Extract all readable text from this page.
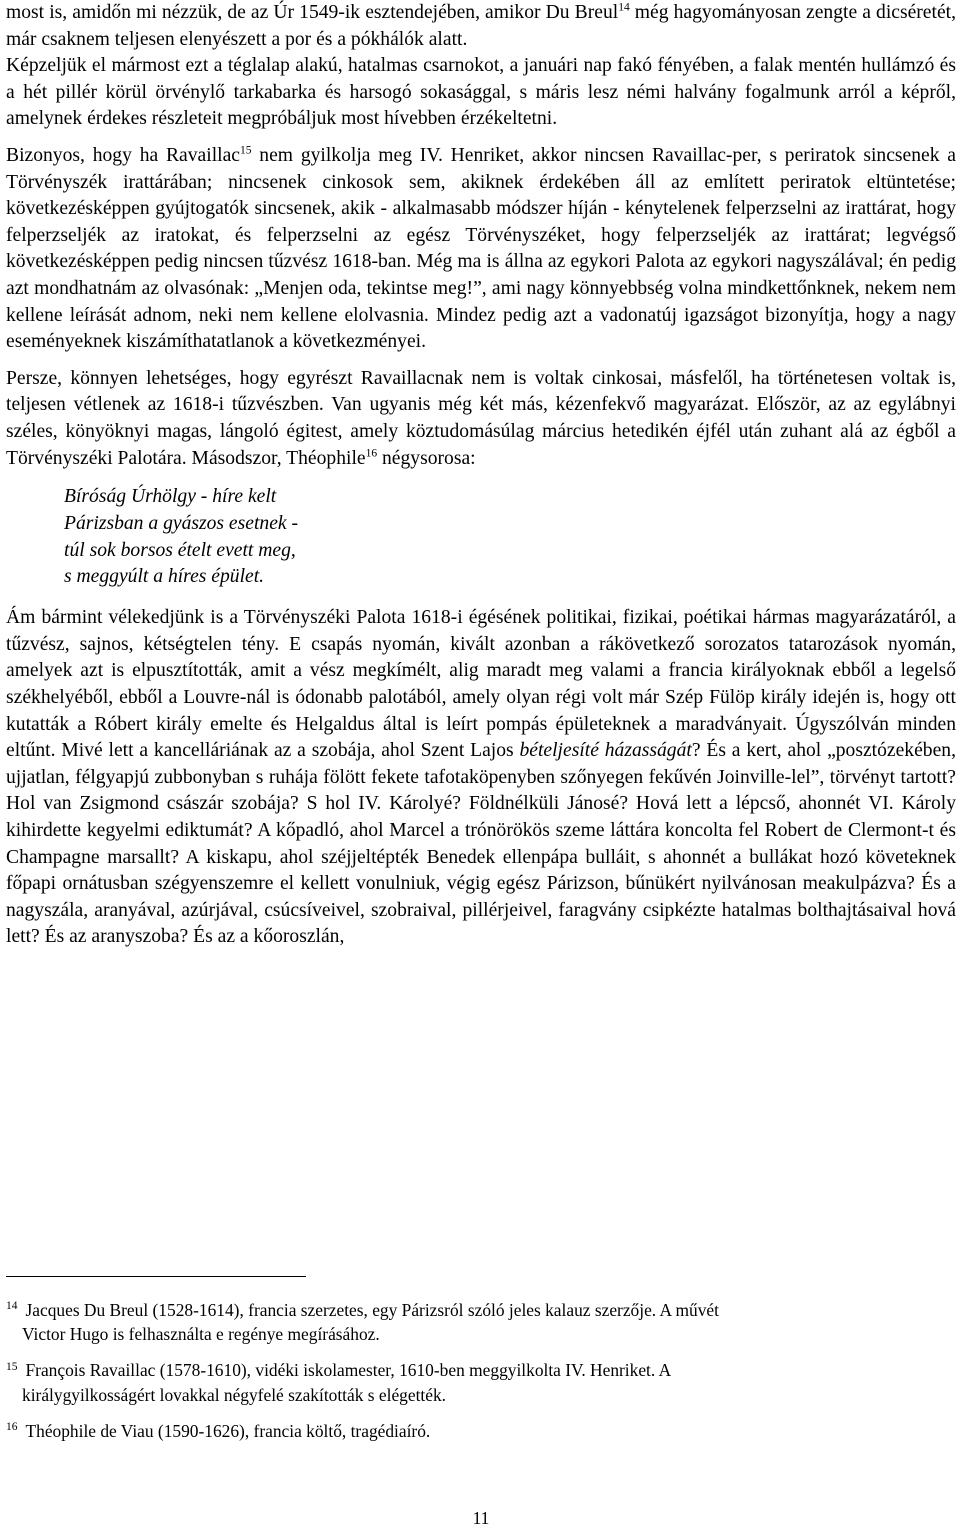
most is, amidőn mi nézzük, de az Úr 1549-ik esztendejében, amikor Du Breul$^{14}$ még hagyományosan zengte a dicséretét, már csaknem teljesen elenyészett a por és a pókhálók alatt.

Képzeljük el mármost ezt a téglalap alakú, hatalmas csarnokot, a januári nap fakó fényében, a falak mentén hullámzó és a hét pillér körül örvénylő tarkabarka és harsogó sokasággal, s máris lesz némi halvány fogalmunk arról a képről, amelynek érdekes részleteit megpróbáljuk most hívebben érzékeltetni.

Bizonyos, hogy ha Ravaillac$^{15}$ nem gyilkolja meg IV. Henriket, akkor nincsen Ravaillac-per, s periratok sincsenek a Törvényszék irattárában; nincsenek cinkosok sem, akiknek érdekében áll az említett periratok eltüntetése; következésképpen gyújtogatók sincsenek, akik - alkalmasabb módszer híján - kénytelenek felperzselni az irattárat, hogy felperzseljék az iratokat, és felperzselni az egész Törvényszéket, hogy felperzseljék az irattárat; legvégső következésképpen pedig nincsen tűzvész 1618-ban. Még ma is állna az egykori Palota az egykori nagyszálával; én pedig azt mondhatnám az olvasónak: „Menjen oda, tekintse meg!”, ami nagy könnyebbség volna mindkettőnknek, nekem nem kellene leírását adnom, neki nem kellene elolvasnia. Mindez pedig azt a vadonatúj igazságot bizonyítja, hogy a nagy eseményeknek kiszámíthatatlanok a következményei.

Persze, könnyen lehetséges, hogy egyrészt Ravaillacnak nem is voltak cinkosai, másfelől, ha történetesen voltak is, teljesen vétlenek az 1618-i tűzvészben. Van ugyanis még két más, kézenfekvő magyarázat. Először, az az egylábnyi széles, könyöknyi magas, lángoló égitest, amely köztudomásúlag március hetedikén éjfél után zuhant alá az égből a Törvényszéki Palotára. Másodszor, Théophile$^{16}$ négysorosa:

Bíróság Úrhölgy - híre kelt
Párizsban a gyászos esetnek -
túl sok borsos ételt evett meg,
s meggyúlt a híres épület.

Ám bármint vélekedjünk is a Törvényszéki Palota 1618-i égésének politikai, fizikai, poétikai hármas magyarázatáról, a tűzvész, sajnos, kétségtelen tény. E csapás nyomán, kivált azonban a rákövetkező sorozatos tatarozások nyomán, amelyek azt is elpusztították, amit a vész megkímélt, alig maradt meg valami a francia királyoknak ebből a legelső székhelyéből, ebből a Louvre-nál is ódonabb palotából, amely olyan régi volt már Szép Fülöp király idején is, hogy ott kutatták a Róbert király emelte és Helgaldus által is leírt pompás épületeknek a maradványait. Úgyszólván minden eltűnt. Mivé lett a kancelláriának az a szobája, ahol Szent Lajos bételjesíté házasságát? És a kert, ahol „posztózekében, ujjatlan, félgyapjú zubbonyban s ruhája fölött fekete tafotaköpenyben szőnyegen fekűvén Joinville-lel”, törvényt tartott? Hol van Zsigmond császár szobája? S hol IV. Károlyé? Földnélküli Jánosé? Hová lett a lépcső, ahonnét VI. Károly kihirdette kegyelmi ediktumát? A kőpadló, ahol Marcel a trónörökös szeme láttára koncolta fel Robert de Clermont-t és Champagne marsallt? A kiskapu, ahol széjjeltépték Benedek ellenpápa bulláit, s ahonnét a bullákat hozó követeknek főpapi ornátusban szégyenszemre el kellett vonulniuk, végig egész Párizson, bűnükért nyilvánosan meakulpázva? És a nagyszála, aranyával, azúrjával, csúcsíveivel, szobraival, pillérjeivel, faragvány csipkézte hatalmas bolthajtásaival hová lett? És az aranyszoba? És az a kőoroszlán,

$^{14}$ Jacques Du Breul (1528-1614), francia szerzetes, egy Párizsról szóló jeles kalauz szerzője. A művét
Victor Hugo is felhasználta e regénye megírásához.

$^{15}$ François Ravaillac (1578-1610), vidéki iskolamester, 1610-ben meggyilkolta IV. Henriket. A
királygyilkosságért lovakkal négyfelé szakították s elégették.

$^{16}$ Théophile de Viau (1590-1626), francia költő, tragédiaíró.

11
